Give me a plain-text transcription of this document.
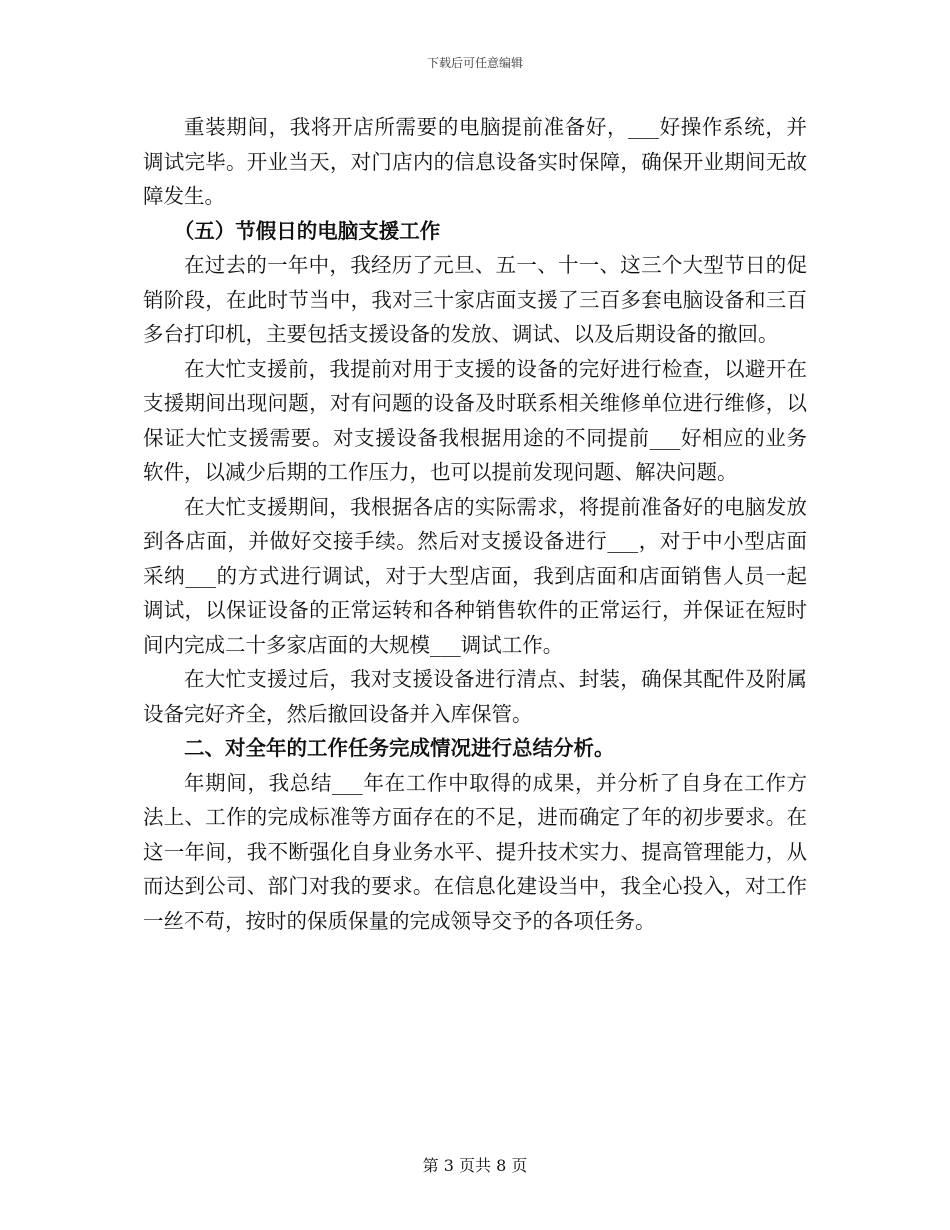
下载后可任意编辑

重装期间，我将开店所需要的电脑提前准备好，___好操作系统，并调试完毕。开业当天，对门店内的信息设备实时保障，确保开业期间无故障发生。

（五）节假日的电脑支援工作

在过去的一年中，我经历了元旦、五一、十一、这三个大型节日的促销阶段，在此时节当中，我对三十家店面支援了三百多套电脑设备和三百多台打印机，主要包括支援设备的发放、调试、以及后期设备的撤回。

在大忙支援前，我提前对用于支援的设备的完好进行检查，以避开在支援期间出现问题，对有问题的设备及时联系相关维修单位进行维修，以保证大忙支援需要。对支援设备我根据用途的不同提前___好相应的业务软件，以减少后期的工作压力，也可以提前发现问题、解决问题。

在大忙支援期间，我根据各店的实际需求，将提前准备好的电脑发放到各店面，并做好交接手续。然后对支援设备进行___，对于中小型店面采纳___的方式进行调试，对于大型店面，我到店面和店面销售人员一起调试，以保证设备的正常运转和各种销售软件的正常运行，并保证在短时间内完成二十多家店面的大规模___调试工作。

在大忙支援过后，我对支援设备进行清点、封装，确保其配件及附属设备完好齐全，然后撤回设备并入库保管。

二、对全年的工作任务完成情况进行总结分析。

年期间，我总结___年在工作中取得的成果，并分析了自身在工作方法上、工作的完成标准等方面存在的不足，进而确定了年的初步要求。在这一年间，我不断强化自身业务水平、提升技术实力、提高管理能力，从而达到公司、部门对我的要求。在信息化建设当中，我全心投入，对工作一丝不苟，按时的保质保量的完成领导交予的各项任务。

第 3 页共 8 页
